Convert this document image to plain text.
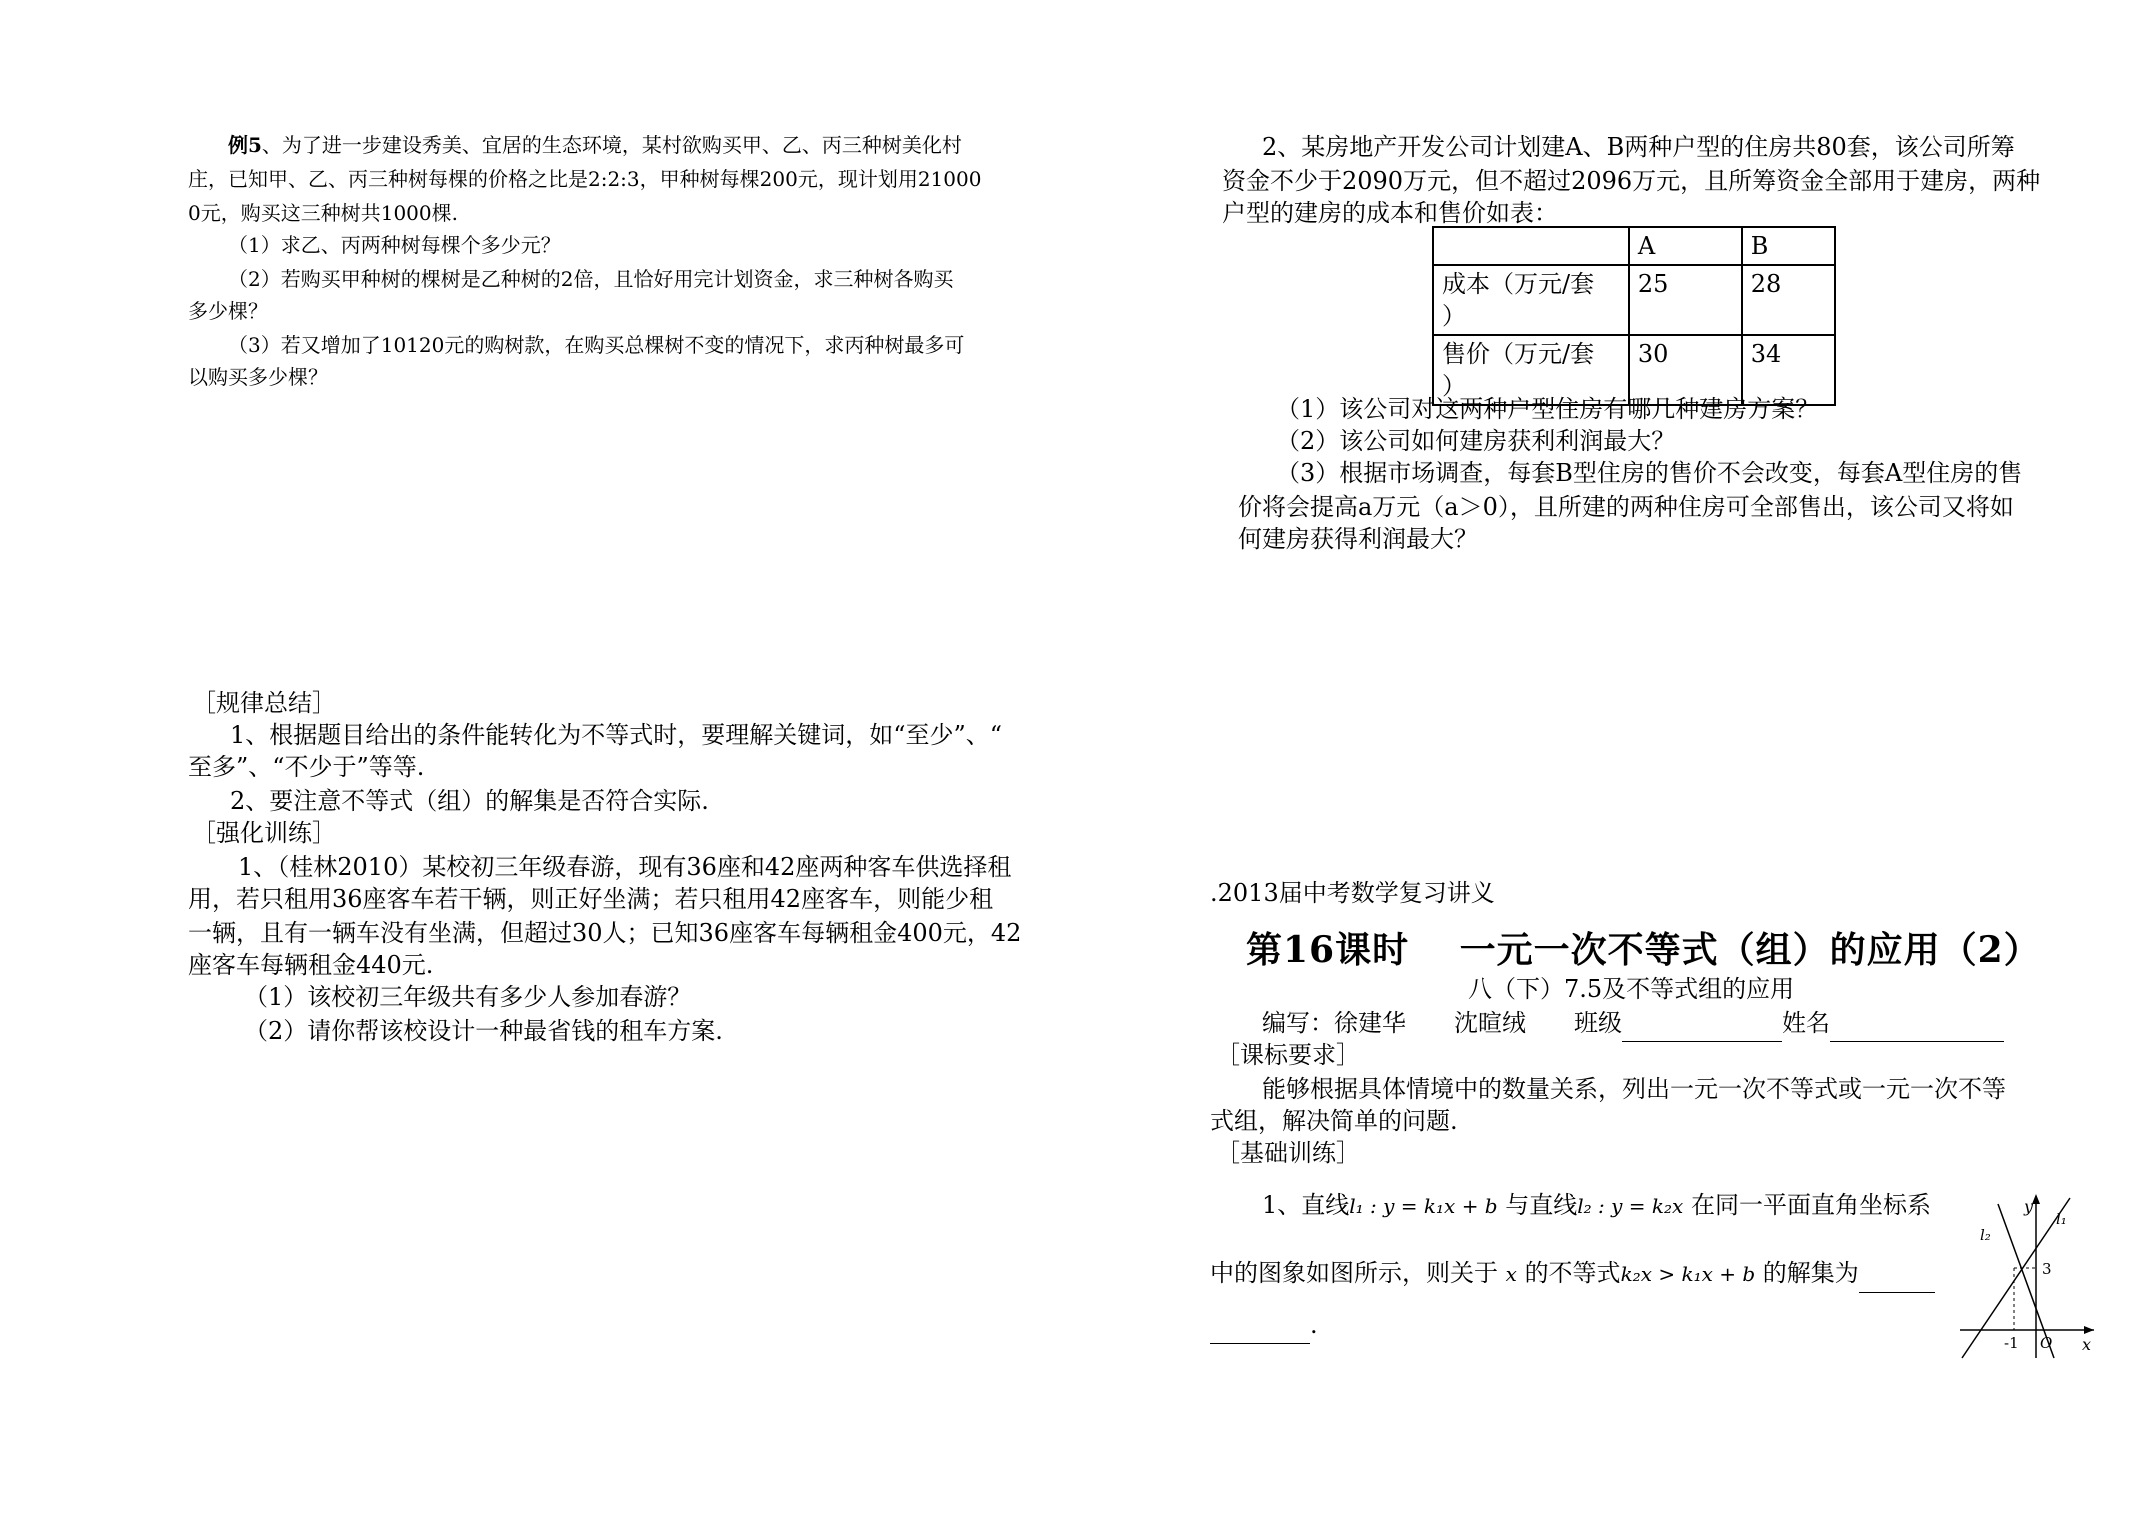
例5、为了进一步建设秀美、宜居的生态环境，某村欲购买甲、乙、丙三种树美化村

庄，已知甲、乙、丙三种树每棵的价格之比是2:2:3，甲种树每棵200元，现计划用21000

0元，购买这三种树共1000棵.

（1）求乙、丙两种树每棵个多少元？

（2）若购买甲种树的棵树是乙种树的2倍，且恰好用完计划资金，求三种树各购买

多少棵？

（3）若又增加了10120元的购树款，在购买总棵树不变的情况下，求丙种树最多可

以购买多少棵？

［规律总结］

1、根据题目给出的条件能转化为不等式时，要理解关键词，如“至少”、“

至多”、“不少于”等等.

2、要注意不等式（组）的解集是否符合实际.

［强化训练］

1、（桂林2010）某校初三年级春游，现有36座和42座两种客车供选择租

用，若只租用36座客车若干辆，则正好坐满；若只租用42座客车，则能少租

一辆，且有一辆车没有坐满，但超过30人；已知36座客车每辆租金400元，42

座客车每辆租金440元.

（1）该校初三年级共有多少人参加春游？

（2）请你帮该校设计一种最省钱的租车方案.

2、某房地产开发公司计划建A、B两种户型的住房共80套，该公司所筹

资金不少于2090万元，但不超过2096万元，且所筹资金全部用于建房，两种

户型的建房的成本和售价如表：

	A	B
成本（万元/套
）	25	28
售价（万元/套
）	30	34

（1）该公司对这两种户型住房有哪几种建房方案？

（2）该公司如何建房获利利润最大？

（3）根据市场调查，每套B型住房的售价不会改变，每套A型住房的售

价将会提高a万元（a＞0），且所建的两种住房可全部售出，该公司又将如

何建房获得利润最大？

.2013届中考数学复习讲义

第16课时　 一元一次不等式（组）的应用（2）

八（下）7.5及不等式组的应用

编写：徐建华　　沈暄绒　　班级	姓名

［课标要求］

能够根据具体情境中的数量关系，列出一元一次不等式或一元一次不等

式组，解决简单的问题.

［基础训练］

1、直线l₁ : y = k₁x + b 与直线l₂ : y = k₂x 在同一平面直角坐标系

中的图象如图所示，则关于 x 的不等式k₂x > k₁x + b 的解集为

.

y
x
O
3
-1
l₁
l₂
